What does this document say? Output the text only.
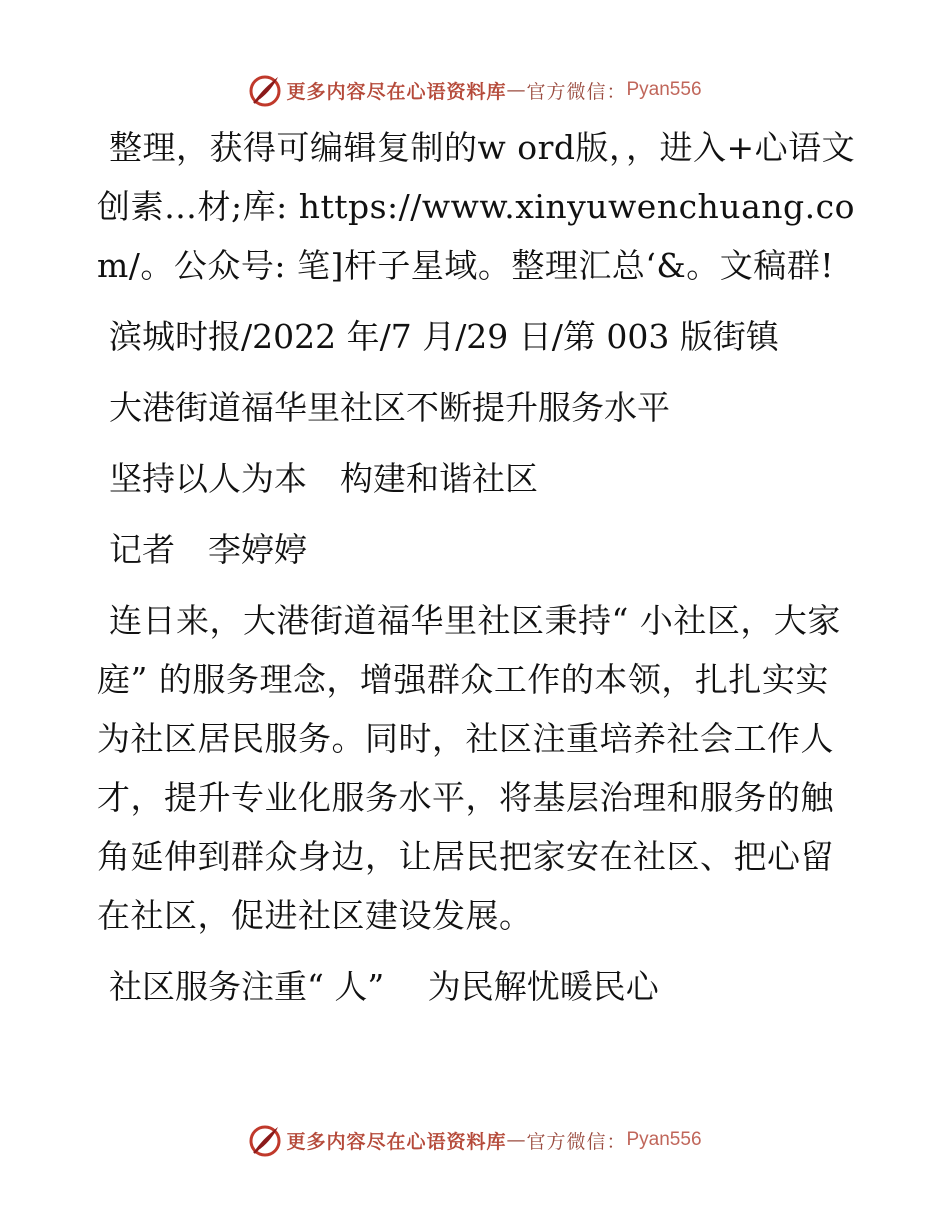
更多内容尽在心语资料库 — 官方微信： Pyan556

整理，获得可编辑复制的w ord版，，进入+心语文创素…材;库: https://www.xinyuwenchuang.com/。公众号: 笔]杆子星域。整理汇总‘&。文稿群!

滨城时报/2022 年/7 月/29 日/第 003 版街镇

大港街道福华里社区不断提升服务水平

坚持以人为本　构建和谐社区

记者　李婷婷

连日来，大港街道福华里社区秉持“ 小社区，大家庭” 的服务理念，增强群众工作的本领，扎扎实实为社区居民服务。同时，社区注重培养社会工作人才，提升专业化服务水平，将基层治理和服务的触角延伸到群众身边，让居民把家安在社区、把心留在社区，促进社区建设发展。

社区服务注重“ 人”　 为民解忧暖民心

更多内容尽在心语资料库 — 官方微信： Pyan556
